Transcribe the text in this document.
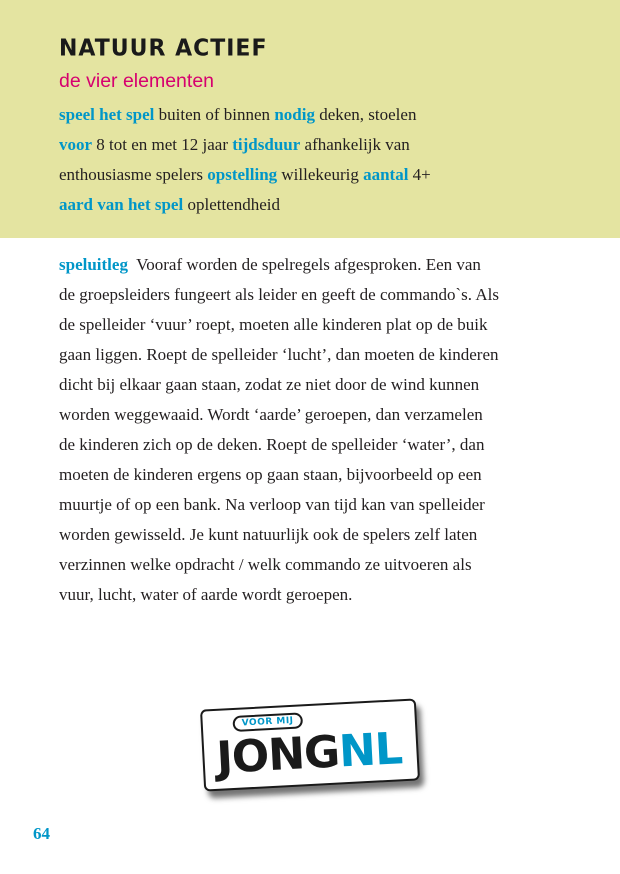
NATUUR ACTIEF
de vier elementen
speel het spel buiten of binnen nodig deken, stoelen
voor 8 tot en met 12 jaar tijdsduur afhankelijk van
enthousiasme spelers opstelling willekeurig aantal 4+
aard van het spel oplettendheid
speluitleg Vooraf worden de spelregels afgesproken. Een van
de groepsleiders fungeert als leider en geeft de commando`s. Als
de spelleider ‘vuur’ roept, moeten alle kinderen plat op de buik
gaan liggen. Roept de spelleider ‘lucht’, dan moeten de kinderen
dicht bij elkaar gaan staan, zodat ze niet door de wind kunnen
worden weggewaaid. Wordt ‘aarde’ geroepen, dan verzamelen
de kinderen zich op de deken. Roept de spelleider ‘water’, dan
moeten de kinderen ergens op gaan staan, bijvoorbeeld op een
muurtje of op een bank. Na verloop van tijd kan van spelleider
worden gewisseld. Je kunt natuurlijk ook de spelers zelf laten
verzinnen welke opdracht / welk commando ze uitvoeren als
vuur, lucht, water of aarde wordt geroepen.
VOOR MIJ
JONGNL
64
